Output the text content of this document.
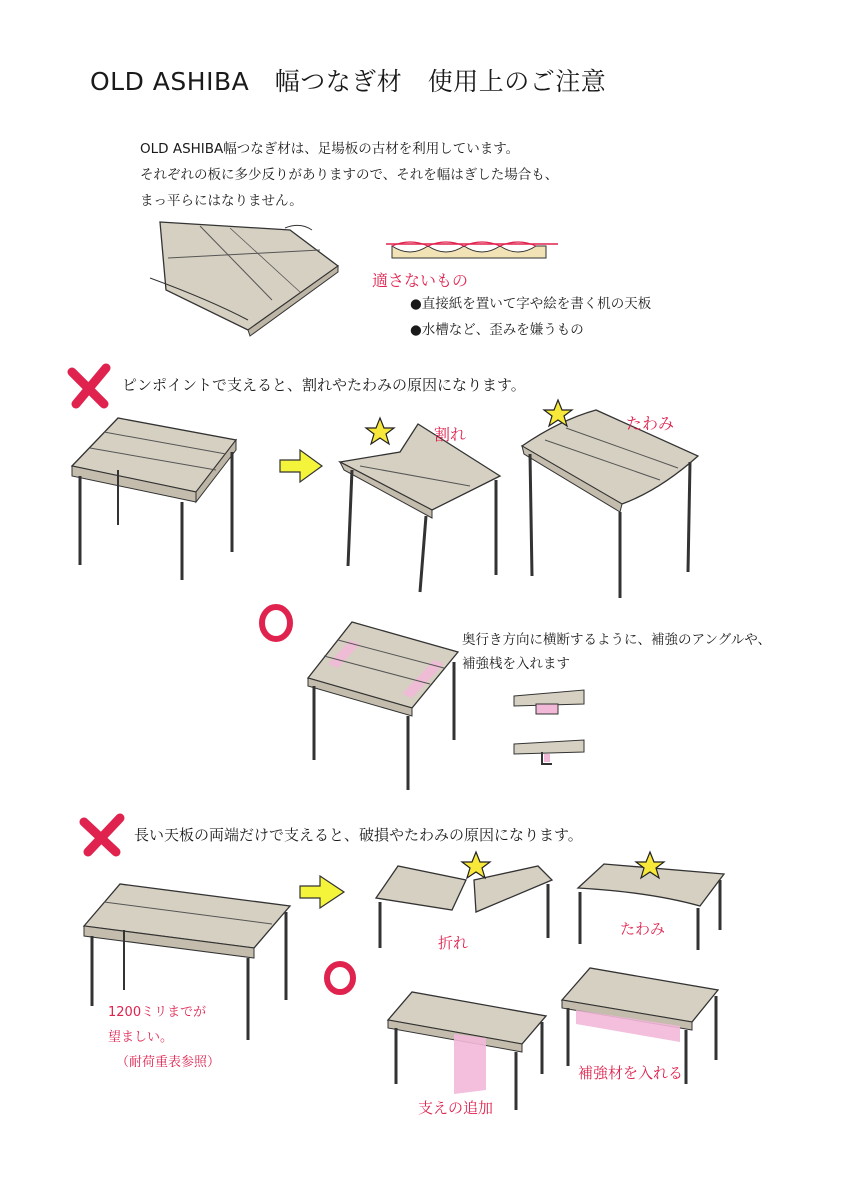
OLD ASHIBA　幅つなぎ材　使用上のご注意
OLD ASHIBA幅つなぎ材は、足場板の古材を利用しています。
それぞれの板に多少反りがありますので、それを幅はぎした場合も、
まっ平らにはなりません。
適さないもの
●直接紙を置いて字や絵を書く机の天板
●水槽など、歪みを嫌うもの
ピンポイントで支えると、割れやたわみの原因になります。
割れ
たわみ
奥行き方向に横断するように、補強のアングルや、
補強桟を入れます
長い天板の両端だけで支えると、破損やたわみの原因になります。
折れ
たわみ
1200ミリまでが
望ましい。
（耐荷重表参照）
支えの追加
補強材を入れる
